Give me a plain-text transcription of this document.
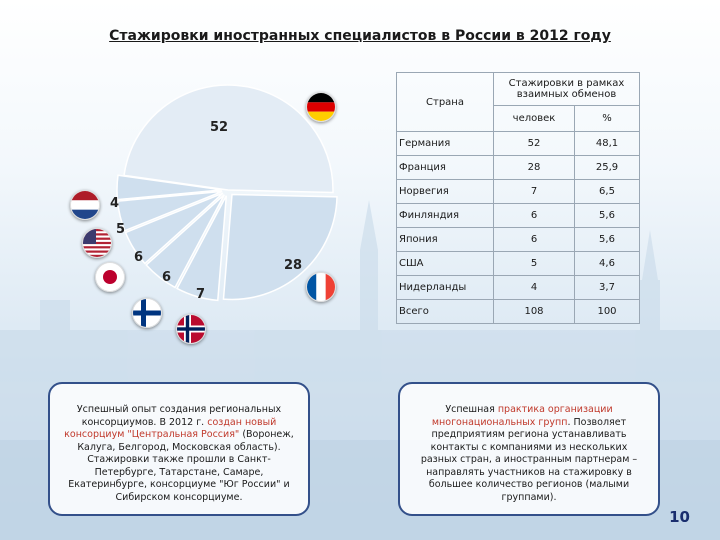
Стажировки иностранных специалистов в России в 2012 году
52
28
7
6
6
5
4
Страна	Стажировки в рамках взаимных обменов	
	человек	%
Германия	52	48,1
Франция	28	25,9
Норвегия	7	6,5
Финляндия	6	5,6
Япония	6	5,6
США	5	4,6
Нидерланды	4	3,7
Всего	108	100
Успешный опыт создания региональных консорциумов. В 2012 г. создан новый консорциум "Центральная Россия" (Воронеж, Калуга, Белгород, Московская область). Стажировки также прошли в Санкт-Петербурге, Татарстане, Самаре, Екатеринбурге, консорциуме "Юг России" и Сибирском консорциуме.
Успешная практика организации многонациональных групп. Позволяет предприятиям региона устанавливать контакты с компаниями из нескольких разных стран, а иностранным партнерам – направлять участников на стажировку в большее количество регионов (малыми группами).
10
